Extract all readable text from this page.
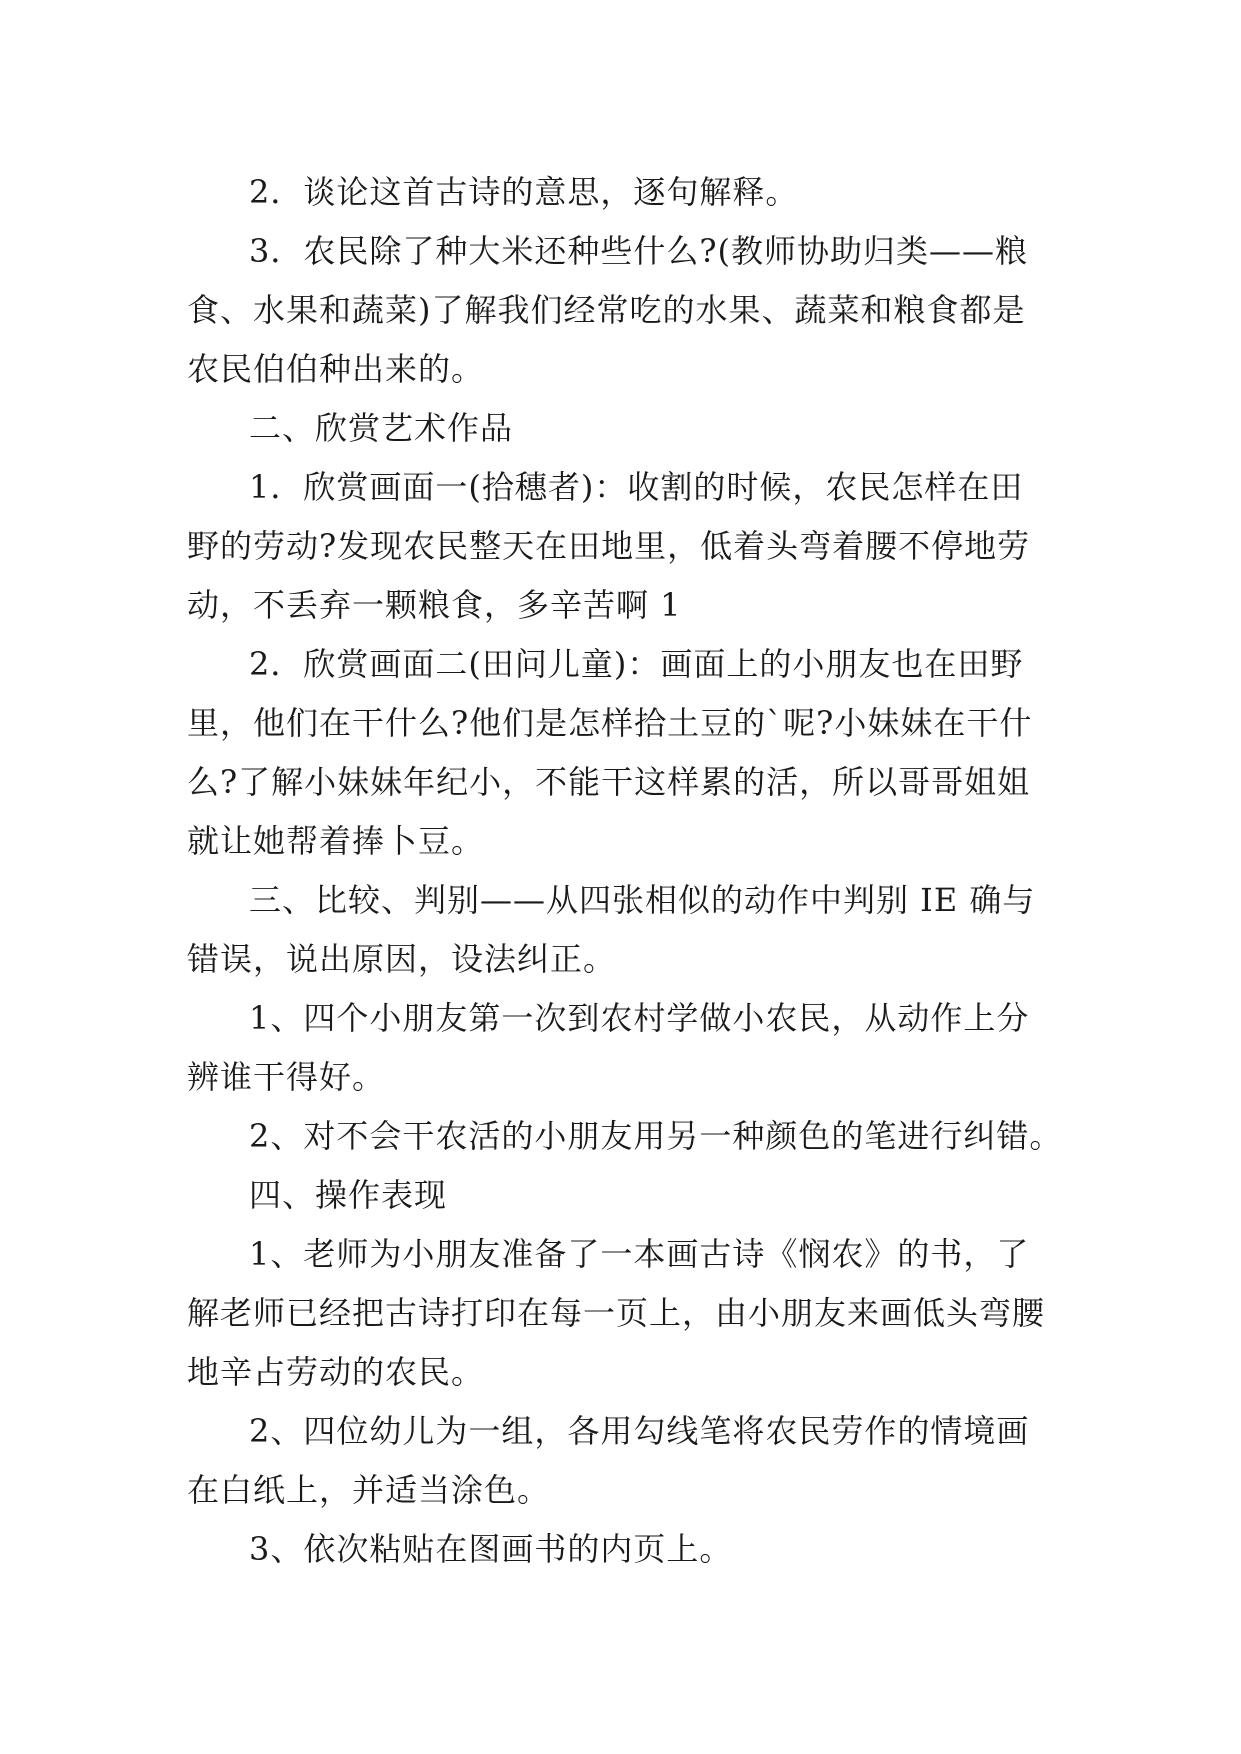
2．谈论这首古诗的意思，逐句解释。
3．农民除了种大米还种些什么?(教师协助归类——粮
食、水果和蔬菜)了解我们经常吃的水果、蔬菜和粮食都是
农民伯伯种出来的。
二、欣赏艺术作品
1．欣赏画面一(拾穗者)：收割的时候，农民怎样在田
野的劳动?发现农民整天在田地里，低着头弯着腰不停地劳
动，不丢弃一颗粮食，多辛苦啊 1
2．欣赏画面二(田问儿童)：画面上的小朋友也在田野
里，他们在干什么?他们是怎样拾土豆的`呢?小妹妹在干什
么?了解小妹妹年纪小，不能干这样累的活，所以哥哥姐姐
就让她帮着捧卜豆。
三、比较、判别——从四张相似的动作中判别 IE 确与
错误，说出原因，设法纠正。
1、四个小朋友第一次到农村学做小农民，从动作上分
辨谁干得好。
2、对不会干农活的小朋友用另一种颜色的笔进行纠错。
四、操作表现
1、老师为小朋友准备了一本画古诗《悯农》的书，了
解老师已经把古诗打印在每一页上，由小朋友来画低头弯腰
地辛占劳动的农民。
2、四位幼儿为一组，各用勾线笔将农民劳作的情境画
在白纸上，并适当涂色。
3、依次粘贴在图画书的内页上。
